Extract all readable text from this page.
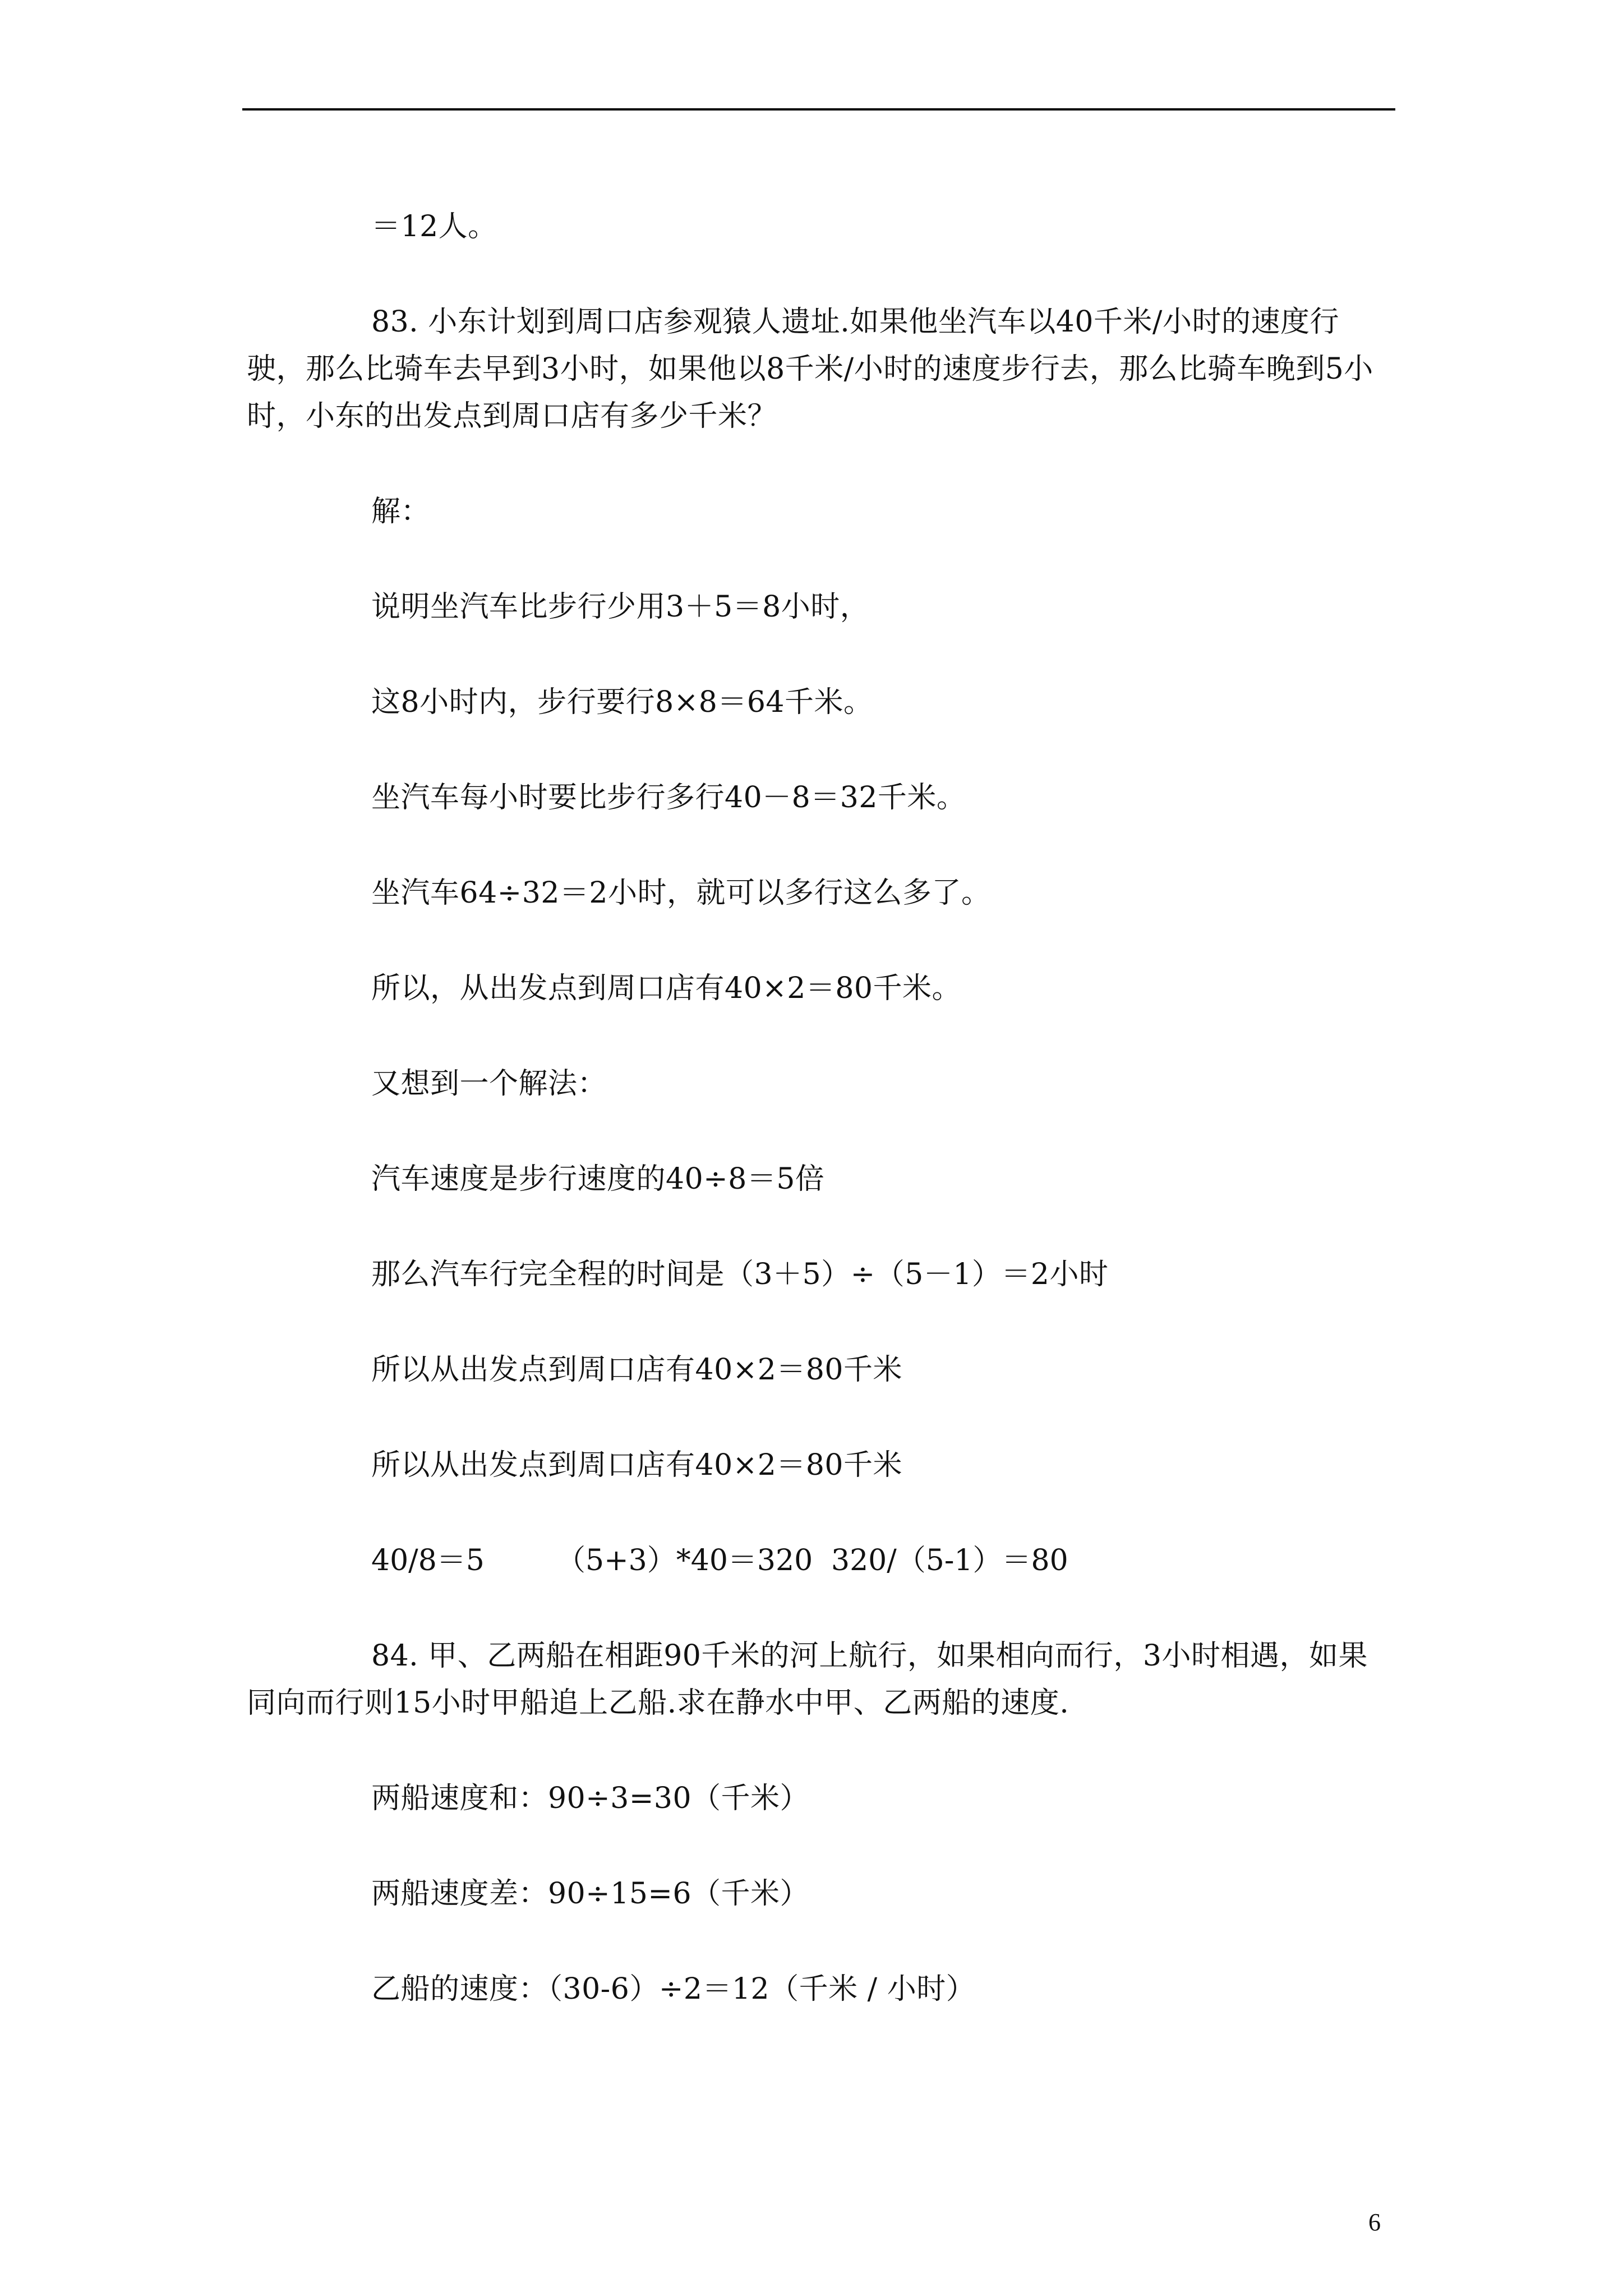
＝12人。

83. 小东计划到周口店参观猿人遗址.如果他坐汽车以40千米/小时的速度行驶，那么比骑车去早到3小时，如果他以8千米/小时的速度步行去，那么比骑车晚到5小时，小东的出发点到周口店有多少千米？

解：

说明坐汽车比步行少用3＋5＝8小时，

这8小时内，步行要行8×8＝64千米。

坐汽车每小时要比步行多行40－8＝32千米。

坐汽车64÷32＝2小时，就可以多行这么多了。

所以，从出发点到周口店有40×2＝80千米。

又想到一个解法：

汽车速度是步行速度的40÷8＝5倍

那么汽车行完全程的时间是（3＋5）÷（5－1）＝2小时

所以从出发点到周口店有40×2＝80千米

所以从出发点到周口店有40×2＝80千米

40/8＝5	（5+3）*40＝320 320/（5-1）＝80

84. 甲、乙两船在相距90千米的河上航行，如果相向而行，3小时相遇，如果同向而行则15小时甲船追上乙船.求在静水中甲、乙两船的速度.

两船速度和：90÷3=30（千米）

两船速度差：90÷15=6（千米）

乙船的速度：（30-6）÷2＝12（千米 / 小时）

6
